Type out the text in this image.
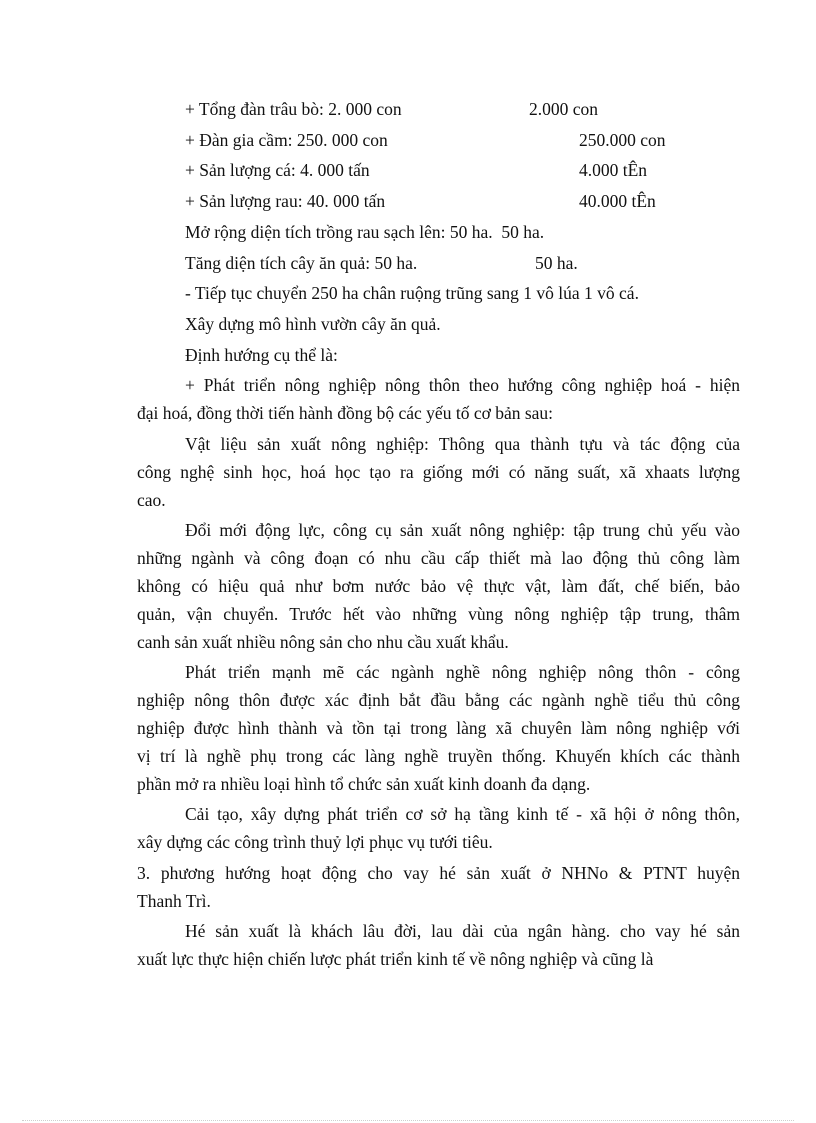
+ Tổng đàn trâu bò: 2. 000 con	2.000 con
+ Đàn gia cầm: 250. 000 con	250.000 con
+ Sản lượng cá: 4. 000 tấn	4.000 tÊn
+ Sản lượng rau: 40. 000 tấn	40.000 tÊn
Mở rộng diện tích trồng rau sạch lên: 50 ha. 50 ha.
Tăng diện tích cây ăn quả: 50 ha.	50 ha.
- Tiếp tục chuyển 250 ha chân ruộng trũng sang 1 vô lúa 1 vô cá.
Xây dựng mô hình vườn cây ăn quả.
Định hướng cụ thể là:
+ Phát triển nông nghiệp nông thôn theo hướng công nghiệp hoá - hiện
đại hoá, đồng thời tiến hành đồng bộ các yếu tố cơ bản sau:
Vật liệu sản xuất nông nghiệp: Thông qua thành tựu và tác động của
công nghệ sinh học, hoá học tạo ra giống mới có năng suất, xã xhaats lượng
cao.
Đổi mới động lực, công cụ sản xuất nông nghiệp: tập trung chủ yếu vào
những ngành và công đoạn có nhu cầu cấp thiết mà lao động thủ công làm
không có hiệu quả như bơm nước bảo vệ thực vật, làm đất, chế biến, bảo
quản, vận chuyển. Trước hết vào những vùng nông nghiệp tập trung, thâm
canh sản xuất nhiều nông sản cho nhu cầu xuất khẩu.
Phát triển mạnh mẽ các ngành nghề nông nghiệp nông thôn - công
nghiệp nông thôn được xác định bắt đầu bằng các ngành nghề tiểu thủ công
nghiệp được hình thành và tồn tại trong làng xã chuyên làm nông nghiệp với
vị trí là nghề phụ trong các làng nghề truyền thống. Khuyến khích các thành
phần mở ra nhiều loại hình tổ chức sản xuất kinh doanh đa dạng.
Cải tạo, xây dựng phát triển cơ sở hạ tầng kinh tế - xã hội ở nông thôn,
xây dựng các công trình thuỷ lợi phục vụ tưới tiêu.
3. phương hướng hoạt động cho vay hé sản xuất ở NHNo & PTNT huyện
Thanh Trì.
Hé sản xuất là khách lâu đời, lau dài của ngân hàng. cho vay hé sản
xuất lực thực hiện chiến lược phát triển kinh tế về nông nghiệp và cũng là
